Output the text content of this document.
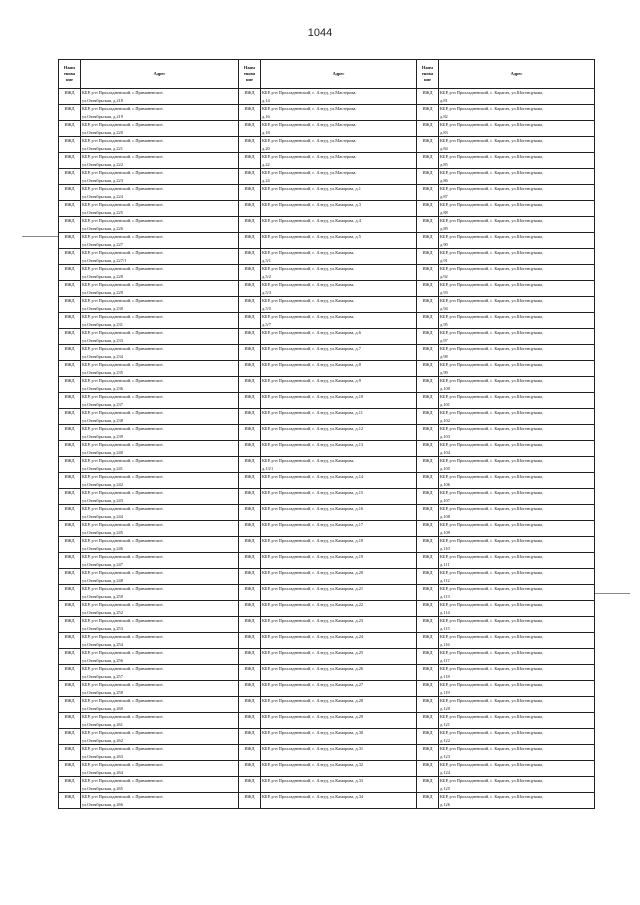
1044
Наим енова ние	Адрес	Наим енова ние	Адрес	Наим енова ние	Адрес
ИЖД	КБР, р-н Прохладненский, с.Приманенское,
ул.Октябрьская, д.218	ИЖД	КБР, р-н Прохладненский, с. Алтуд, ул.Мастерова,
д.14	ИЖД	КБР, р-н Прохладненский, с. Карагач, ул.Шогенцукова,
д.81

ИЖД	КБР, р-н Прохладненский, с.Приманенское,
ул.Октябрьская, д.219	ИЖД	КБР, р-н Прохладненский, с. Алтуд, ул.Мастерова,
д.16	ИЖД	КБР, р-н Прохладненский, с. Карагач, ул.Шогенцукова,
д.82

ИЖД	КБР, р-н Прохладненский, с.Приманенское,
ул.Октябрьская, д.220	ИЖД	КБР, р-н Прохладненский, с. Алтуд, ул.Мастерова,
д.18	ИЖД	КБР, р-н Прохладненский, с. Карагач, ул.Шогенцукова,
д.83

ИЖД	КБР, р-н Прохладненский, с.Приманенское,
ул.Октябрьская, д.221	ИЖД	КБР, р-н Прохладненский, с. Алтуд, ул.Мастерова,
д.20	ИЖД	КБР, р-н Прохладненский, с. Карагач, ул.Шогенцукова,
д.84

ИЖД	КБР, р-н Прохладненский, с.Приманенское,
ул.Октябрьская, д.222	ИЖД	КБР, р-н Прохладненский, с. Алтуд, ул.Мастерова,
д.22	ИЖД	КБР, р-н Прохладненский, с. Карагач, ул.Шогенцукова,
д.85

ИЖД	КБР, р-н Прохладненский, с.Приманенское,
ул.Октябрьская, д.223	ИЖД	КБР, р-н Прохладненский, с. Алтуд, ул.Мастерова,
д.24	ИЖД	КБР, р-н Прохладненский, с. Карагач, ул.Шогенцукова,
д.86

ИЖД	КБР, р-н Прохладненский, с.Приманенское,
ул.Октябрьская, д.224	ИЖД	КБР, р-н Прохладненский, с. Алтуд, ул.Камарова, д.1	ИЖД	КБР, р-н Прохладненский, с. Карагач, ул.Шогенцукова,
д.87

ИЖД	КБР, р-н Прохладненский, с.Приманенское,
ул.Октябрьская, д.225	ИЖД	КБР, р-н Прохладненский, с. Алтуд, ул.Камарова, д.3	ИЖД	КБР, р-н Прохладненский, с. Карагач, ул.Шогенцукова,
д.88

ИЖД	КБР, р-н Прохладненский, с.Приманенское,
ул.Октябрьская, д.226	ИЖД	КБР, р-н Прохладненский, с. Алтуд, ул.Камарова, д.4	ИЖД	КБР, р-н Прохладненский, с. Карагач, ул.Шогенцукова,
д.89

ИЖД	КБР, р-н Прохладненский, с.Приманенское,
ул.Октябрьская, д.227	ИЖД	КБР, р-н Прохладненский, с. Алтуд, ул.Камарова, д.5	ИЖД	КБР, р-н Прохладненский, с. Карагач, ул.Шогенцукова,
д.90

ИЖД	КБР, р-н Прохладненский, с.Приманенское,
ул.Октябрьская, д.227/1	ИЖД	КБР, р-н Прохладненский, с. Алтуд, ул.Камарова,
д.5/1	ИЖД	КБР, р-н Прохладненский, с. Карагач, ул.Шогенцукова,
д.91

ИЖД	КБР, р-н Прохладненский, с.Приманенское,
ул.Октябрьская, д.228	ИЖД	КБР, р-н Прохладненский, с. Алтуд, ул.Камарова,
д.5/2	ИЖД	КБР, р-н Прохладненский, с. Карагач, ул.Шогенцукова,
д.92

ИЖД	КБР, р-н Прохладненский, с.Приманенское,
ул.Октябрьская, д.229	ИЖД	КБР, р-н Прохладненский, с. Алтуд, ул.Камарова,
д.5/3	ИЖД	КБР, р-н Прохладненский, с. Карагач, ул.Шогенцукова,
д.93

ИЖД	КБР, р-н Прохладненский, с.Приманенское,
ул.Октябрьская, д.230	ИЖД	КБР, р-н Прохладненский, с. Алтуд, ул.Камарова,
д.5/5	ИЖД	КБР, р-н Прохладненский, с. Карагач, ул.Шогенцукова,
д.94

ИЖД	КБР, р-н Прохладненский, с.Приманенское,
ул.Октябрьская, д.231	ИЖД	КБР, р-н Прохладненский, с. Алтуд, ул.Камарова,
д.5/7	ИЖД	КБР, р-н Прохладненский, с. Карагач, ул.Шогенцукова,
д.95

ИЖД	КБР, р-н Прохладненский, с.Приманенское,
ул.Октябрьская, д.233	ИЖД	КБР, р-н Прохладненский, с. Алтуд, ул.Камарова, д.6	ИЖД	КБР, р-н Прохладненский, с. Карагач, ул.Шогенцукова,
д.97

ИЖД	КБР, р-н Прохладненский, с.Приманенское,
ул.Октябрьская, д.234	ИЖД	КБР, р-н Прохладненский, с. Алтуд, ул.Камарова, д.7	ИЖД	КБР, р-н Прохладненский, с. Карагач, ул.Шогенцукова,
д.98

ИЖД	КБР, р-н Прохладненский, с.Приманенское,
ул.Октябрьская, д.235	ИЖД	КБР, р-н Прохладненский, с. Алтуд, ул.Камарова, д.8	ИЖД	КБР, р-н Прохладненский, с. Карагач, ул.Шогенцукова,
д.99

ИЖД	КБР, р-н Прохладненский, с.Приманенское,
ул.Октябрьская, д.236	ИЖД	КБР, р-н Прохладненский, с. Алтуд, ул.Камарова, д.9	ИЖД	КБР, р-н Прохладненский, с. Карагач, ул.Шогенцукова,
д.100

ИЖД	КБР, р-н Прохладненский, с.Приманенское,
ул.Октябрьская, д.237	ИЖД	КБР, р-н Прохладненский, с. Алтуд, ул.Камарова, д.10	ИЖД	КБР, р-н Прохладненский, с. Карагач, ул.Шогенцукова,
д.101

ИЖД	КБР, р-н Прохладненский, с.Приманенское,
ул.Октябрьская, д.238	ИЖД	КБР, р-н Прохладненский, с. Алтуд, ул.Камарова, д.11	ИЖД	КБР, р-н Прохладненский, с. Карагач, ул.Шогенцукова,
д.102

ИЖД	КБР, р-н Прохладненский, с.Приманенское,
ул.Октябрьская, д.239	ИЖД	КБР, р-н Прохладненский, с. Алтуд, ул.Камарова, д.12	ИЖД	КБР, р-н Прохладненский, с. Карагач, ул.Шогенцукова,
д.103

ИЖД	КБР, р-н Прохладненский, с.Приманенское,
ул.Октябрьская, д.240	ИЖД	КБР, р-н Прохладненский, с. Алтуд, ул.Камарова, д.13	ИЖД	КБР, р-н Прохладненский, с. Карагач, ул.Шогенцукова,
д.104

ИЖД	КБР, р-н Прохладненский, с.Приманенское,
ул.Октябрьская, д.241	ИЖД	КБР, р-н Прохладненский, с. Алтуд, ул.Камарова,
д.13/1	ИЖД	КБР, р-н Прохладненский, с. Карагач, ул.Шогенцукова,
д.105

ИЖД	КБР, р-н Прохладненский, с.Приманенское,
ул.Октябрьская, д.242	ИЖД	КБР, р-н Прохладненский, с. Алтуд, ул.Камарова, д.14	ИЖД	КБР, р-н Прохладненский, с. Карагач, ул.Шогенцукова,
д.106

ИЖД	КБР, р-н Прохладненский, с.Приманенское,
ул.Октябрьская, д.243	ИЖД	КБР, р-н Прохладненский, с. Алтуд, ул.Камарова, д.15	ИЖД	КБР, р-н Прохладненский, с. Карагач, ул.Шогенцукова,
д.107

ИЖД	КБР, р-н Прохладненский, с.Приманенское,
ул.Октябрьская, д.244	ИЖД	КБР, р-н Прохладненский, с. Алтуд, ул.Камарова, д.16	ИЖД	КБР, р-н Прохладненский, с. Карагач, ул.Шогенцукова,
д.108

ИЖД	КБР, р-н Прохладненский, с.Приманенское,
ул.Октябрьская, д.245	ИЖД	КБР, р-н Прохладненский, с. Алтуд, ул.Камарова, д.17	ИЖД	КБР, р-н Прохладненский, с. Карагач, ул.Шогенцукова,
д.109

ИЖД	КБР, р-н Прохладненский, с.Приманенское,
ул.Октябрьская, д.246	ИЖД	КБР, р-н Прохладненский, с. Алтуд, ул.Камарова, д.18	ИЖД	КБР, р-н Прохладненский, с. Карагач, ул.Шогенцукова,
д.110

ИЖД	КБР, р-н Прохладненский, с.Приманенское,
ул.Октябрьская, д.247	ИЖД	КБР, р-н Прохладненский, с. Алтуд, ул.Камарова, д.19	ИЖД	КБР, р-н Прохладненский, с. Карагач, ул.Шогенцукова,
д.111

ИЖД	КБР, р-н Прохладненский, с.Приманенское,
ул.Октябрьская, д.248	ИЖД	КБР, р-н Прохладненский, с. Алтуд, ул.Камарова, д.20	ИЖД	КБР, р-н Прохладненский, с. Карагач, ул.Шогенцукова,
д.112

ИЖД	КБР, р-н Прохладненский, с.Приманенское,
ул.Октябрьская, д.250	ИЖД	КБР, р-н Прохладненский, с. Алтуд, ул.Камарова, д.21	ИЖД	КБР, р-н Прохладненский, с. Карагач, ул.Шогенцукова,
д.113

ИЖД	КБР, р-н Прохладненский, с.Приманенское,
ул.Октябрьская, д.252	ИЖД	КБР, р-н Прохладненский, с. Алтуд, ул.Камарова, д.22	ИЖД	КБР, р-н Прохладненский, с. Карагач, ул.Шогенцукова,
д.114

ИЖД	КБР, р-н Прохладненский, с.Приманенское,
ул.Октябрьская, д.253	ИЖД	КБР, р-н Прохладненский, с. Алтуд, ул.Камарова, д.23	ИЖД	КБР, р-н Прохладненский, с. Карагач, ул.Шогенцукова,
д.115

ИЖД	КБР, р-н Прохладненский, с.Приманенское,
ул.Октябрьская, д.254	ИЖД	КБР, р-н Прохладненский, с. Алтуд, ул.Камарова, д.24	ИЖД	КБР, р-н Прохладненский, с. Карагач, ул.Шогенцукова,
д.116

ИЖД	КБР, р-н Прохладненский, с.Приманенское,
ул.Октябрьская, д.256	ИЖД	КБР, р-н Прохладненский, с. Алтуд, ул.Камарова, д.25	ИЖД	КБР, р-н Прохладненский, с. Карагач, ул.Шогенцукова,
д.117

ИЖД	КБР, р-н Прохладненский, с.Приманенское,
ул.Октябрьская, д.257	ИЖД	КБР, р-н Прохладненский, с. Алтуд, ул.Камарова, д.26	ИЖД	КБР, р-н Прохладненский, с. Карагач, ул.Шогенцукова,
д.118

ИЖД	КБР, р-н Прохладненский, с.Приманенское,
ул.Октябрьская, д.258	ИЖД	КБР, р-н Прохладненский, с. Алтуд, ул.Камарова, д.27	ИЖД	КБР, р-н Прохладненский, с. Карагач, ул.Шогенцукова,
д.119

ИЖД	КБР, р-н Прохладненский, с.Приманенское,
ул.Октябрьская, д.260	ИЖД	КБР, р-н Прохладненский, с. Алтуд, ул.Камарова, д.28	ИЖД	КБР, р-н Прохладненский, с. Карагач, ул.Шогенцукова,
д.120

ИЖД	КБР, р-н Прохладненский, с.Приманенское,
ул.Октябрьская, д.261	ИЖД	КБР, р-н Прохладненский, с. Алтуд, ул.Камарова, д.29	ИЖД	КБР, р-н Прохладненский, с. Карагач, ул.Шогенцукова,
д.121

ИЖД	КБР, р-н Прохладненский, с.Приманенское,
ул.Октябрьская, д.262	ИЖД	КБР, р-н Прохладненский, с. Алтуд, ул.Камарова, д.30	ИЖД	КБР, р-н Прохладненский, с. Карагач, ул.Шогенцукова,
д.122

ИЖД	КБР, р-н Прохладненский, с.Приманенское,
ул.Октябрьская, д.263	ИЖД	КБР, р-н Прохладненский, с. Алтуд, ул.Камарова, д.31	ИЖД	КБР, р-н Прохладненский, с. Карагач, ул.Шогенцукова,
д.123

ИЖД	КБР, р-н Прохладненский, с.Приманенское,
ул.Октябрьская, д.264	ИЖД	КБР, р-н Прохладненский, с. Алтуд, ул.Камарова, д.32	ИЖД	КБР, р-н Прохладненский, с. Карагач, ул.Шогенцукова,
д.124

ИЖД	КБР, р-н Прохладненский, с.Приманенское,
ул.Октябрьская, д.265	ИЖД	КБР, р-н Прохладненский, с. Алтуд, ул.Камарова, д.33	ИЖД	КБР, р-н Прохладненский, с. Карагач, ул.Шогенцукова,
д.125

ИЖД	КБР, р-н Прохладненский, с.Приманенское,
ул.Октябрьская, д.266	ИЖД	КБР, р-н Прохладненский, с. Алтуд, ул.Камарова, д.34	ИЖД	КБР, р-н Прохладненский, с. Карагач, ул.Шогенцукова,
д.126
